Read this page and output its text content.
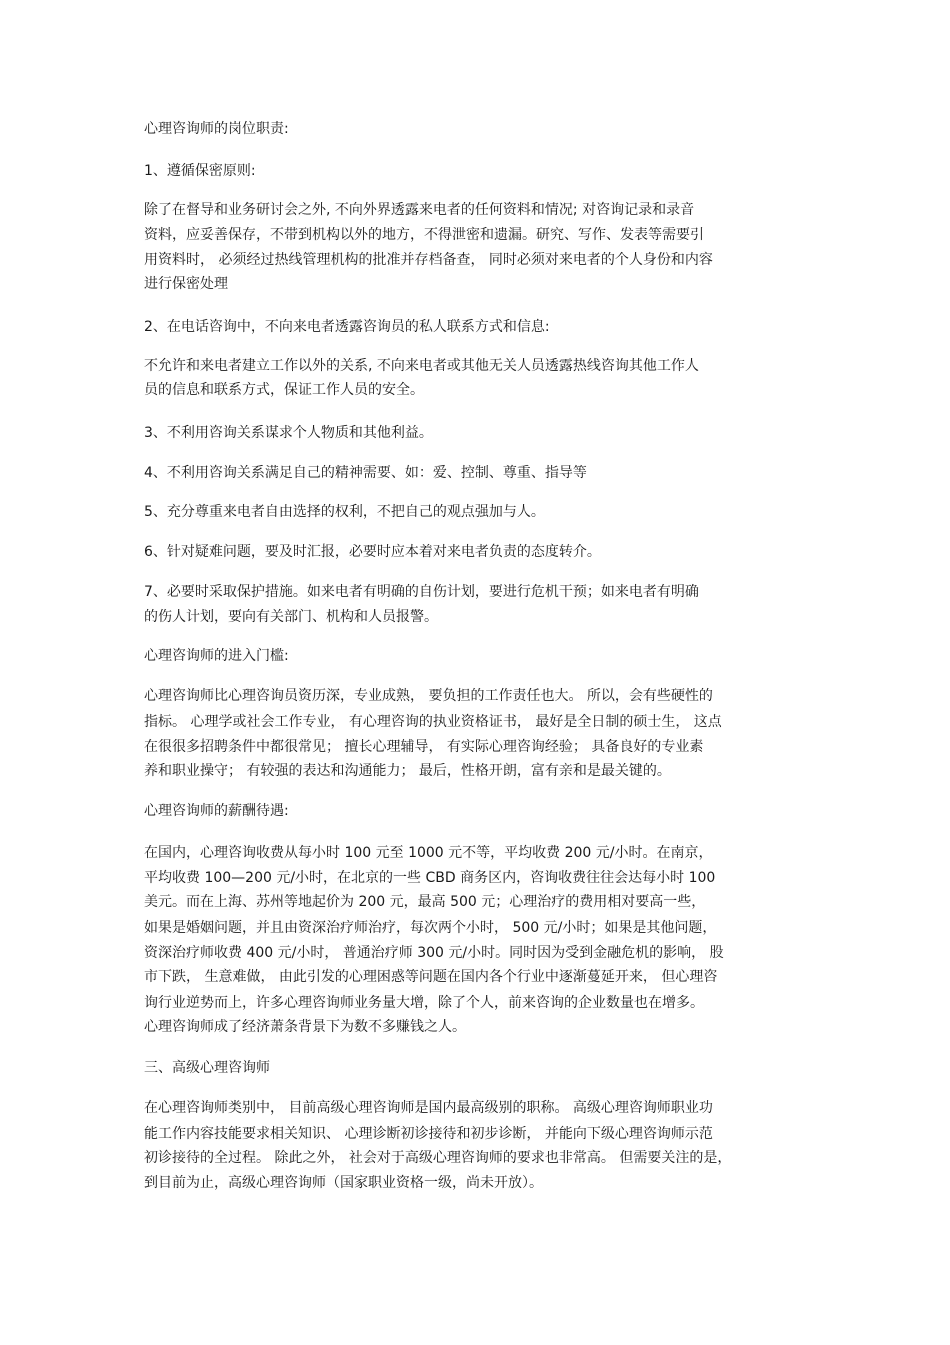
心理咨询师的岗位职责:
1、遵循保密原则:
除了在督导和业务研讨会之外, 不向外界透露来电者的任何资料和情况; 对咨询记录和录音
资料，应妥善保存，不带到机构以外的地方，不得泄密和遗漏。研究、写作、发表等需要引
用资料时， 必须经过热线管理机构的批准并存档备查， 同时必须对来电者的个人身份和内容
进行保密处理
2、在电话咨询中，不向来电者透露咨询员的私人联系方式和信息:
不允许和来电者建立工作以外的关系, 不向来电者或其他无关人员透露热线咨询其他工作人
员的信息和联系方式，保证工作人员的安全。
3、不利用咨询关系谋求个人物质和其他利益。
4、不利用咨询关系满足自己的精神需要、如：爱、控制、尊重、指导等
5、充分尊重来电者自由选择的权利，不把自己的观点强加与人。
6、针对疑难问题，要及时汇报，必要时应本着对来电者负责的态度转介。
7、必要时采取保护措施。如来电者有明确的自伤计划，要进行危机干预；如来电者有明确
的伤人计划，要向有关部门、机构和人员报警。
心理咨询师的进入门槛:
心理咨询师比心理咨询员资历深，专业成熟， 要负担的工作责任也大。 所以，会有些硬性的
指标。 心理学或社会工作专业， 有心理咨询的执业资格证书， 最好是全日制的硕士生， 这点
在很很多招聘条件中都很常见； 擅长心理辅导， 有实际心理咨询经验； 具备良好的专业素
养和职业操守； 有较强的表达和沟通能力； 最后，性格开朗，富有亲和是最关键的。
心理咨询师的薪酬待遇:
在国内，心理咨询收费从每小时 100 元至 1000 元不等，平均收费 200 元/小时。在南京，
平均收费 100—200 元/小时，在北京的一些 CBD 商务区内，咨询收费往往会达每小时 100
美元。而在上海、苏州等地起价为 200 元，最高 500 元；心理治疗的费用相对要高一些，
如果是婚姻问题，并且由资深治疗师治疗，每次两个小时， 500 元/小时；如果是其他问题，
资深治疗师收费 400 元/小时， 普通治疗师 300 元/小时。同时因为受到金融危机的影响， 股
市下跌， 生意难做， 由此引发的心理困惑等问题在国内各个行业中逐渐蔓延开来， 但心理咨
询行业逆势而上，许多心理咨询师业务量大增，除了个人，前来咨询的企业数量也在增多。
心理咨询师成了经济萧条背景下为数不多赚钱之人。
三、高级心理咨询师
在心理咨询师类别中， 目前高级心理咨询师是国内最高级别的职称。 高级心理咨询师职业功
能工作内容技能要求相关知识、 心理诊断初诊接待和初步诊断， 并能向下级心理咨询师示范
初诊接待的全过程。 除此之外， 社会对于高级心理咨询师的要求也非常高。 但需要关注的是，
到目前为止，高级心理咨询师（国家职业资格一级，尚未开放）。
